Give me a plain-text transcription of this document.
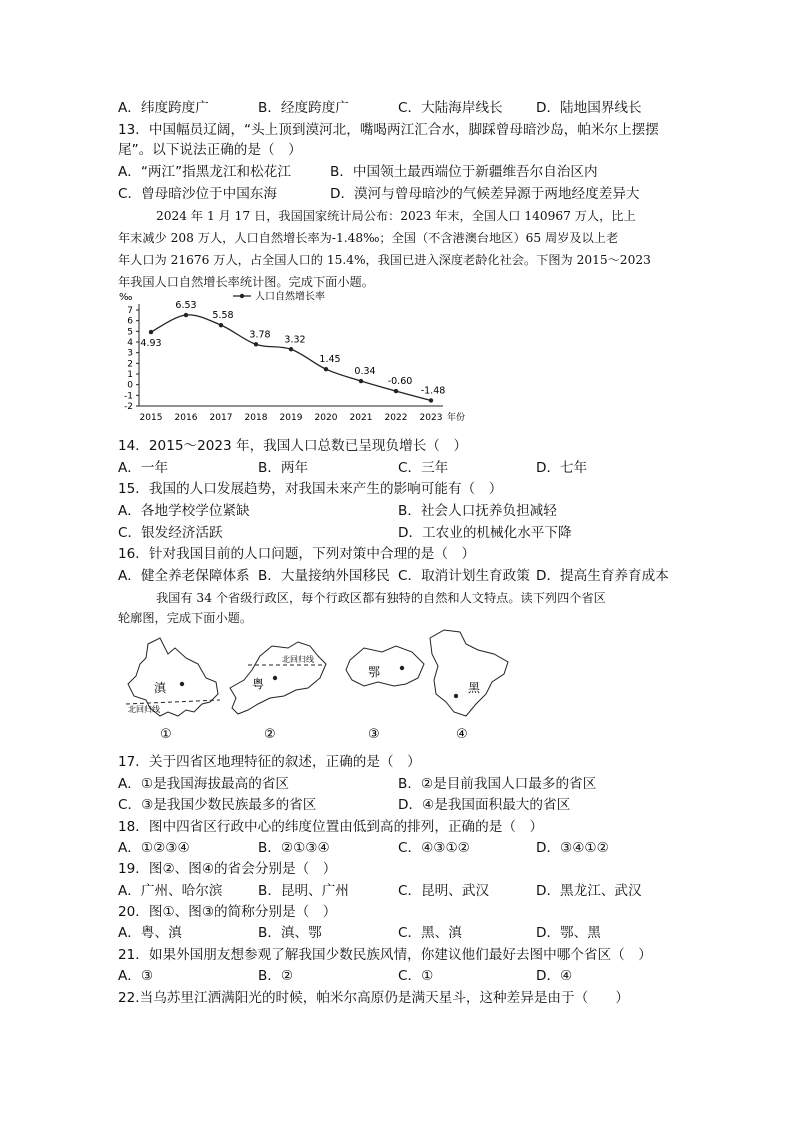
A．纬度跨度广	B．经度跨度广	C．大陆海岸线长 D．陆地国界线长
13．中国幅员辽阔，“头上顶到漠河北，嘴喝两江汇合水，脚踩曾母暗沙岛，帕米尔上摆摆
尾”。以下说法正确的是（　）
A．“两江”指黑龙江和松花江	B．中国领土最西端位于新疆维吾尔自治区内
C．曾母暗沙位于中国东海	D．漠河与曾母暗沙的气候差异源于两地经度差异大
2024 年 1 月 17 日，我国国家统计局公布：2023 年末，全国人口 140967 万人，比上
年末减少 208 万人，人口自然增长率为-1.48‰；全国（不含港澳台地区）65 周岁及以上老
年人口为 21676 万人，占全国人口的 15.4%，我国已进入深度老龄化社会。下图为 2015～2023
年我国人口自然增长率统计图。完成下面小题。
7
6
5
4
3
2
1
0
-1
-2
‰
2015 2016 2017 2018 2019 2020 2021 2022 2023 年份
人口自然增长率
4.93
6.53
5.58
3.78 3.32
1.45
0.34
-0.60
-1.48
14．2015～2023 年，我国人口总数已呈现负增长（　）
A．一年	B．两年	C．三年	D．七年
15．我国的人口发展趋势，对我国未来产生的影响可能有（　）
A．各地学校学位紧缺	B．社会人口抚养负担减轻
C．银发经济活跃	D．工农业的机械化水平下降
16．针对我国目前的人口问题，下列对策中合理的是（　）
A．健全养老保障体系 B．大量接纳外国移民 C．取消计划生育政策 D．提高生育养育成本
我国有 34 个省级行政区，每个行政区都有独特的自然和人文特点。读下列四个省区
轮廓图，完成下面小题。
滇
北回归线
①
粤
北回归线
②
鄂
③
黑
④
17．关于四省区地理特征的叙述，正确的是（　）
A．①是我国海拔最高的省区	B．②是目前我国人口最多的省区
C．③是我国少数民族最多的省区	D．④是我国面积最大的省区
18．图中四省区行政中心的纬度位置由低到高的排列，正确的是（　）
A．①②③④	B．②①③④	C．④③①②	D．③④①②
19．图②、图④的省会分别是（　）
A．广州、哈尔滨	B．昆明、广州	C．昆明、武汉	D．黑龙江、武汉
20．图①、图③的简称分别是（　）
A．粤、滇	B．滇、鄂	C．黑、滇	D．鄂、黑
21．如果外国朋友想参观了解我国少数民族风情，你建议他们最好去图中哪个省区（　）
A．③	B．②	C．①	D．④
22.当乌苏里江洒满阳光的时候，帕米尔高原仍是满天星斗，这种差异是由于（　　）
